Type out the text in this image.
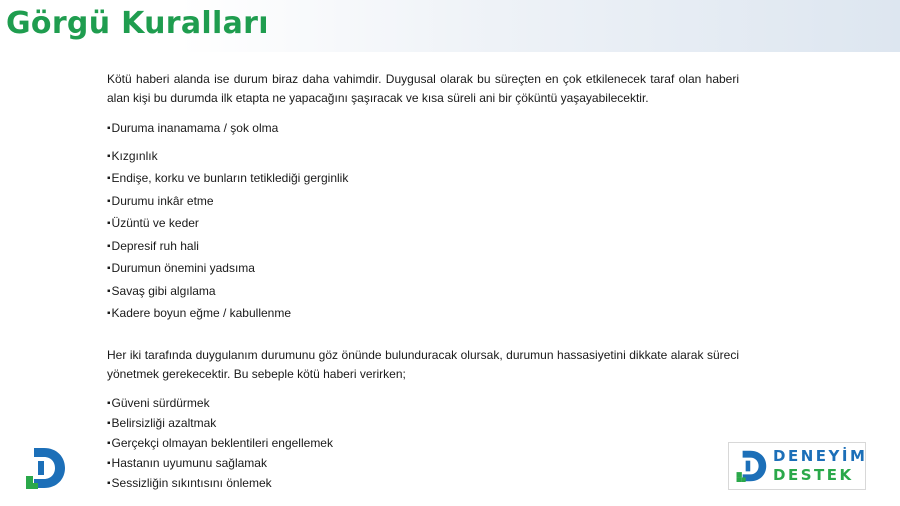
Görgü Kuralları

Kötü haberi alanda ise durum biraz daha vahimdir. Duygusal olarak bu süreçten en çok etkilenecek taraf olan haberi alan kişi bu durumda ilk etapta ne yapacağını şaşıracak ve kısa süreli ani bir çöküntü yaşayabilecektir.

▪ Duruma inanamama / şok olma
▪ Kızgınlık
▪ Endişe, korku ve bunların tetiklediği gerginlik
▪ Durumu inkâr etme
▪ Üzüntü ve keder
▪ Depresif ruh hali
▪ Durumun önemini yadsıma
▪ Savaş gibi algılama
▪ Kadere boyun eğme / kabullenme

Her iki tarafında duygulanım durumunu göz önünde bulunduracak olursak, durumun hassasiyetini dikkate alarak süreci yönetmek gerekecektir. Bu sebeple kötü haberi verirken;

▪ Güveni sürdürmek
▪ Belirsizliği azaltmak
▪ Gerçekçi olmayan beklentileri engellemek
▪ Hastanın uyumunu sağlamak
▪ Sessizliğin sıkıntısını önlemek
DENEYİM
DESTEK
